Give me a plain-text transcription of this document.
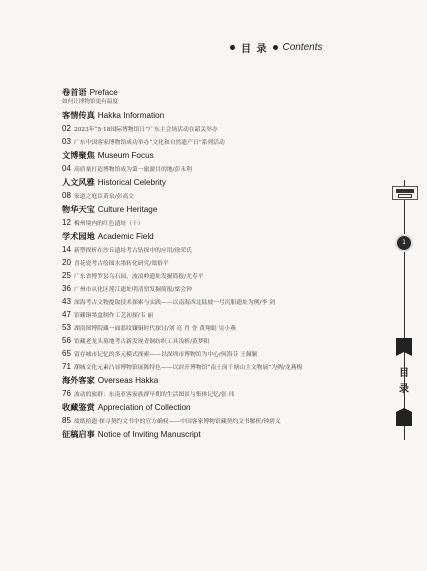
目 录 Contents
卷首语 Preface
如何让博物馆更有温度
客情传真 Hakka Information
02 2023年“5·18国际博物馆日”广东主会场活动在韶关举办
03 广东中国客家博物馆成功举办“文化和自然遗产日”系列活动
文博聚焦 Museum Focus
04 高质量打造博物馆成为第一旅游目的地/彭永利
人文风雅 Historical Celebrity
08 家道之庭臣黄泉/彭高文
物华天宝 Culture Heritage
12 梅州境内的红色遗址（十）
学术园地 Academic Field
14 新塑探析在沙丘遗址考古钻探中的应用/徐荣氏
20 青花瓷考古绘图水墨转化研究/郑俗平
25 广东省博罗县乌石园、波浪岭遗址发掘简报/尤寿平
36 广州市从化区莲江遗址明清窑发掘简报/梁会钟
43 深海考古文物提取技术探索与实践——以南海西北陆坡一号沉船遗址为例/李 剑
47 馆藏铜墨盒制作工艺初探/韦 丽
53 湖南图博院藏一面蓝纹镶铜时代探讨/刘 亮 肖 誉 黄翔娟 吴小燕
56 馆藏老龙头墓地考古新发现青铜纺织工具浅析/黄梦阳
65 留存城市记忆的多元模式探索——以深圳市博物馆为中心/何海芬 王佩颖
71 潮城文化元素凸显博物馆展陈特色——以封开博物馆“南土岗千塘山主文物展”为例/龙燕梅
海外客家 Overseas Hakka
76 波动的旅群：东南亚客家族群早期的生活图景与集体记忆/张 玮
收藏鉴赏 Appreciation of Collection
85 故纸拾遗·探寻契约文书中的官方确权——中国客家博物馆藏契约文书解析/钟碧义
征稿启事 Notice of Inviting Manuscript
1
目录
